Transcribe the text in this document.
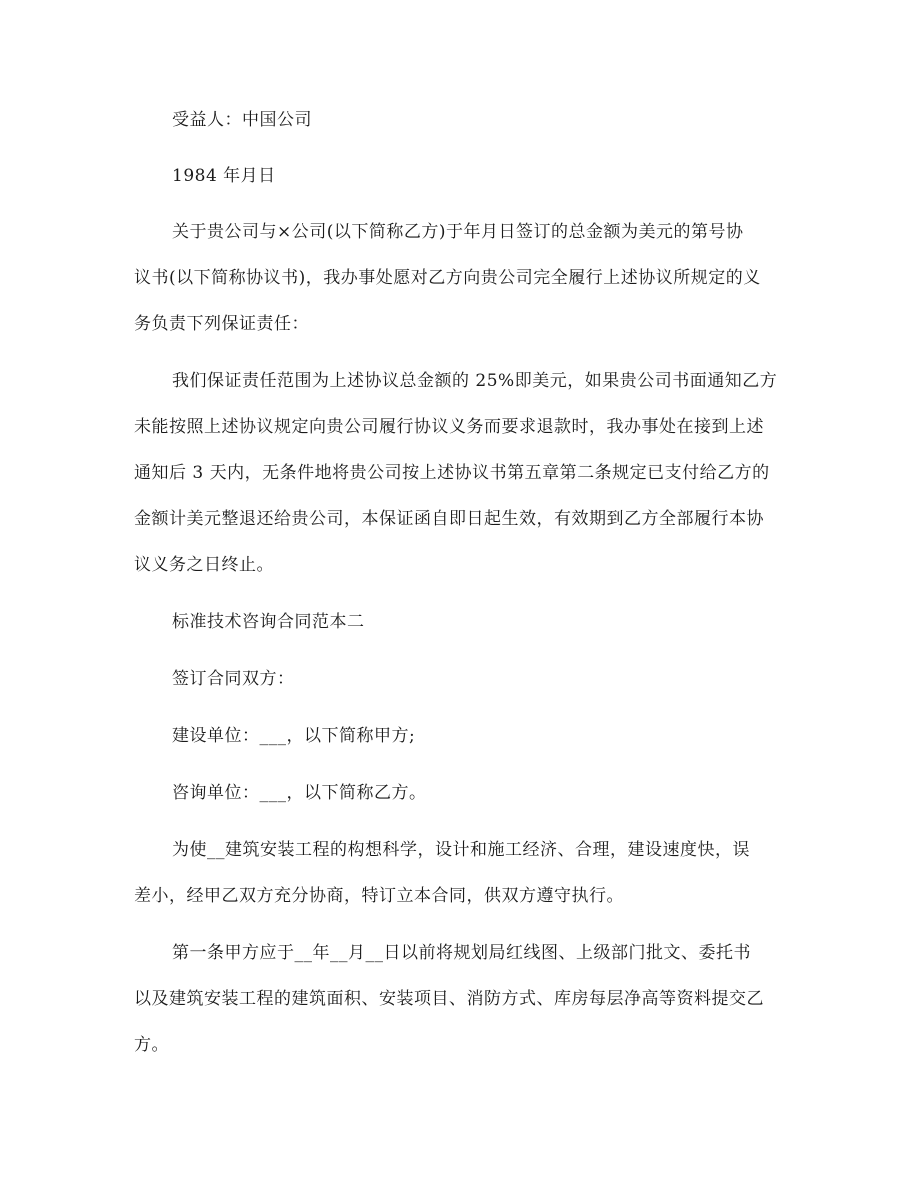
受益人：中国公司
1984 年月日
关于贵公司与×公司(以下简称乙方)于年月日签订的总金额为美元的第号协
议书(以下简称协议书)，我办事处愿对乙方向贵公司完全履行上述协议所规定的义
务负责下列保证责任：
我们保证责任范围为上述协议总金额的 25%即美元，如果贵公司书面通知乙方
未能按照上述协议规定向贵公司履行协议义务而要求退款时，我办事处在接到上述
通知后 3 天内，无条件地将贵公司按上述协议书第五章第二条规定已支付给乙方的
金额计美元整退还给贵公司，本保证函自即日起生效，有效期到乙方全部履行本协
议义务之日终止。
标准技术咨询合同范本二
签订合同双方：
建设单位：___，以下简称甲方;
咨询单位：___，以下简称乙方。
为使__建筑安装工程的构想科学，设计和施工经济、合理，建设速度快，误
差小，经甲乙双方充分协商，特订立本合同，供双方遵守执行。
第一条甲方应于__年__月__日以前将规划局红线图、上级部门批文、委托书
以及建筑安装工程的建筑面积、安装项目、消防方式、库房每层净高等资料提交乙
方。
